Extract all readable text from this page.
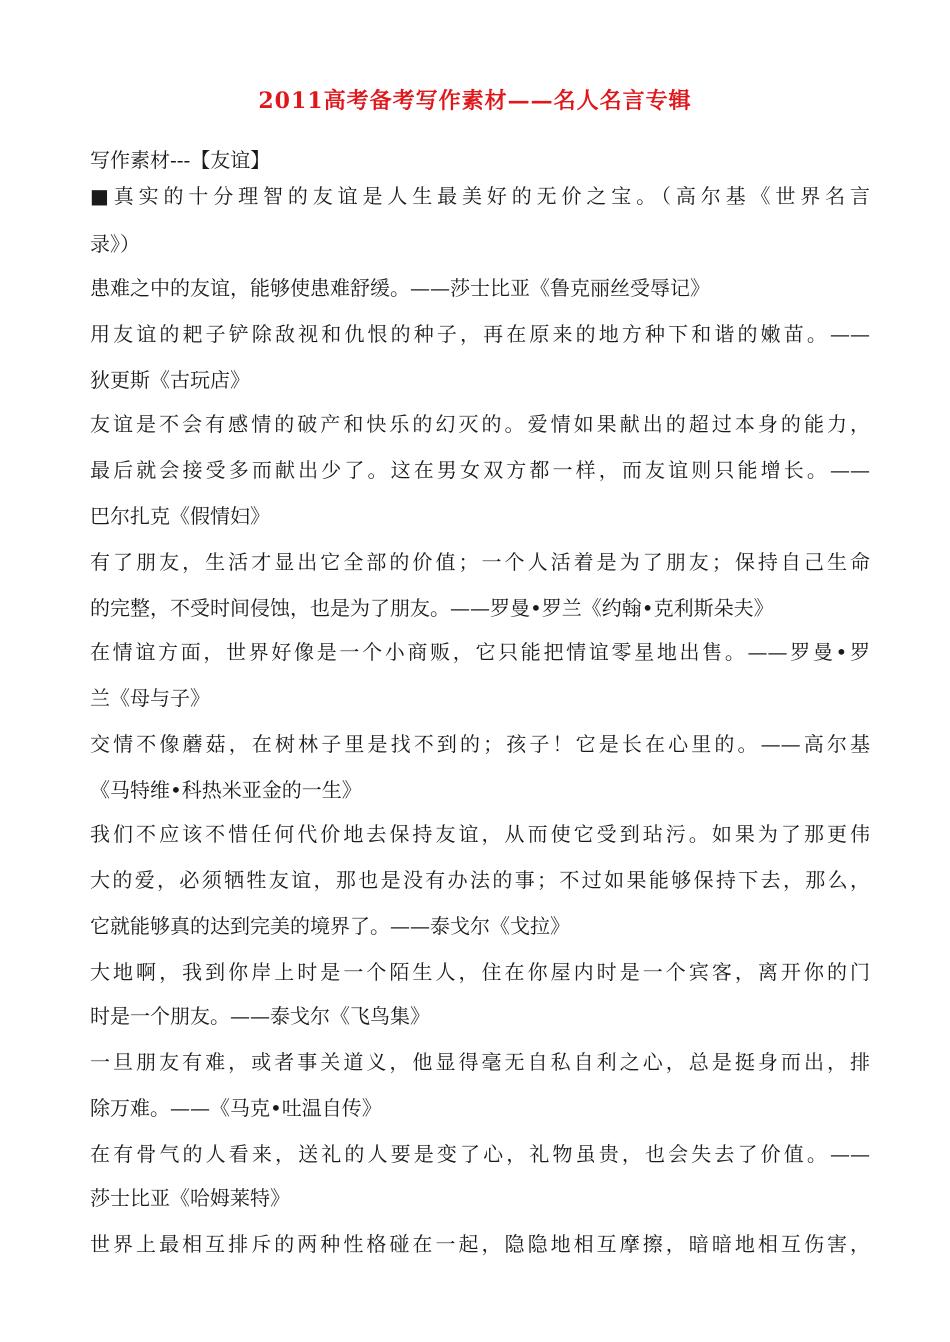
2011高考备考写作素材——名人名言专辑
写作素材---【友谊】
■真实的十分理智的友谊是人生最美好的无价之宝。（高尔基《世界名言
录》）
患难之中的友谊，能够使患难舒缓。——莎士比亚《鲁克丽丝受辱记》
用友谊的耙子铲除敌视和仇恨的种子，再在原来的地方种下和谐的嫩苗。——
狄更斯《古玩店》
友谊是不会有感情的破产和快乐的幻灭的。爱情如果献出的超过本身的能力，
最后就会接受多而献出少了。这在男女双方都一样，而友谊则只能增长。——
巴尔扎克《假情妇》
有了朋友，生活才显出它全部的价值；一个人活着是为了朋友；保持自己生命
的完整，不受时间侵蚀，也是为了朋友。——罗曼•罗兰《约翰•克利斯朵夫》
在情谊方面，世界好像是一个小商贩，它只能把情谊零星地出售。——罗曼•罗
兰《母与子》
交情不像蘑菇，在树林子里是找不到的；孩子！它是长在心里的。——高尔基
《马特维•科热米亚金的一生》
我们不应该不惜任何代价地去保持友谊，从而使它受到玷污。如果为了那更伟
大的爱，必须牺牲友谊，那也是没有办法的事；不过如果能够保持下去，那么，
它就能够真的达到完美的境界了。——泰戈尔《戈拉》
大地啊，我到你岸上时是一个陌生人，住在你屋内时是一个宾客，离开你的门
时是一个朋友。——泰戈尔《飞鸟集》
一旦朋友有难，或者事关道义，他显得毫无自私自利之心，总是挺身而出，排
除万难。——《马克•吐温自传》
在有骨气的人看来，送礼的人要是变了心，礼物虽贵，也会失去了价值。——
莎士比亚《哈姆莱特》
世界上最相互排斥的两种性格碰在一起，隐隐地相互摩擦，暗暗地相互伤害，
